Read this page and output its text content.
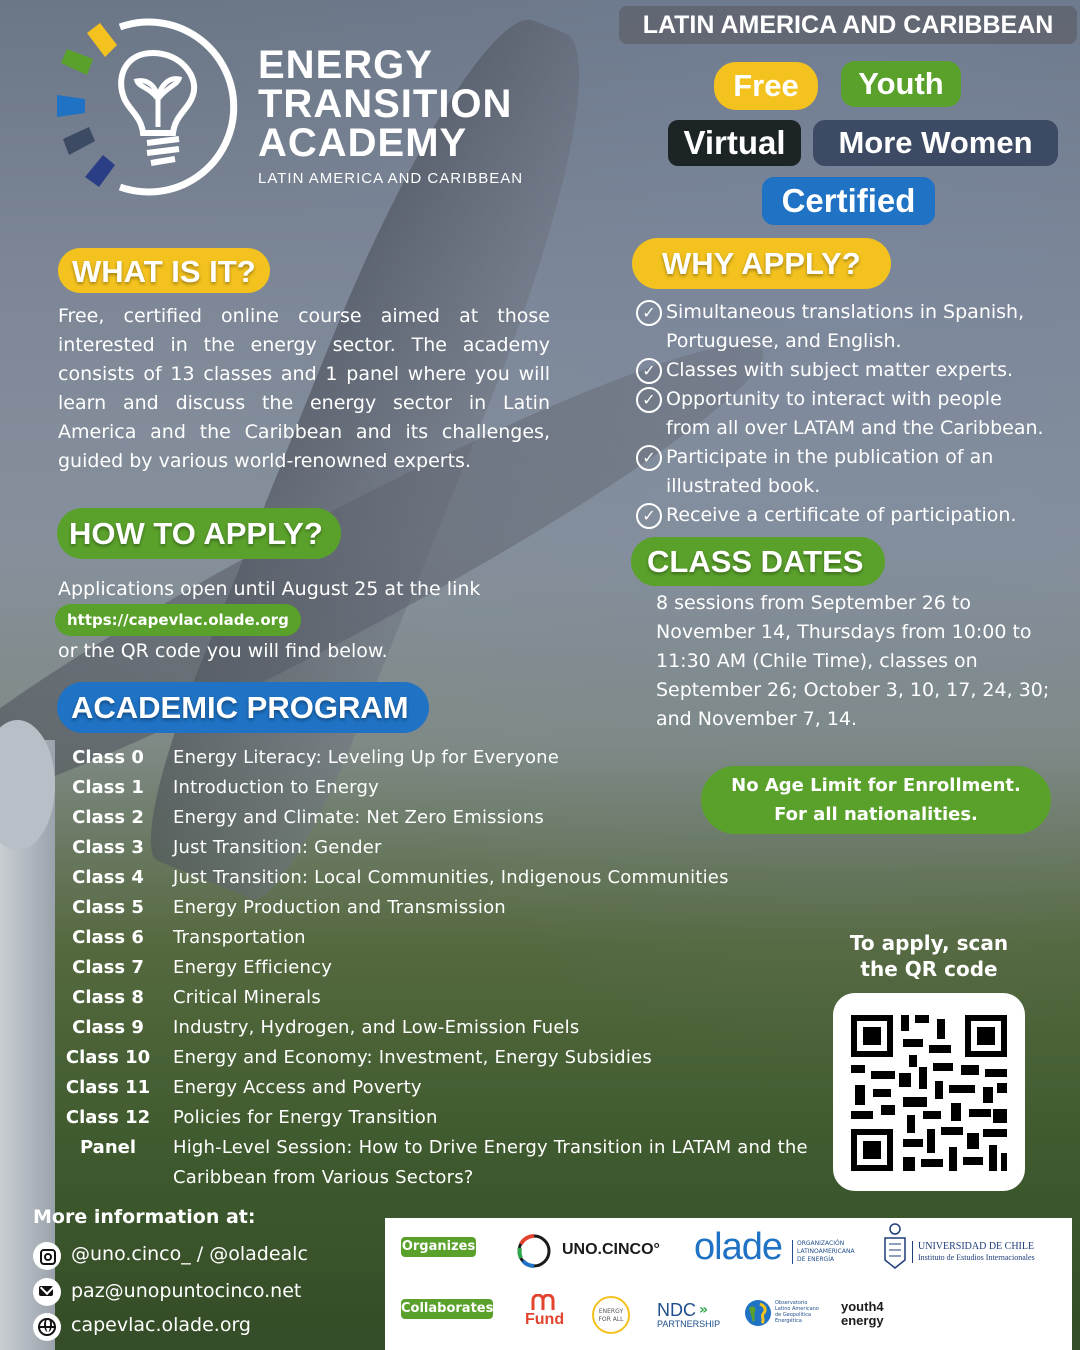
ENERGY
TRANSITION
ACADEMY
LATIN AMERICA AND CARIBBEAN
LATIN AMERICA AND CARIBBEAN
Free	Youth
Virtual	More Women
Certified
WHAT IS IT?
Free, certified online course aimed at those
interested in the energy sector. The academy
consists of 13 classes and 1 panel where you will
learn and discuss the energy sector in Latin
America and the Caribbean and its challenges,
guided by various world-renowned experts.
WHY APPLY?
✓ Simultaneous translations in Spanish,
Portuguese, and English.
✓ Classes with subject matter experts.
✓ Opportunity to interact with people
from all over LATAM and the Caribbean.
✓ Participate in the publication of an
illustrated book.
✓ Receive a certificate of participation.
HOW TO APPLY?
Applications open until August 25 at the link
https://capevlac.olade.org
or the QR code you will find below.
CLASS DATES
8 sessions from September 26 to
November 14, Thursdays from 10:00 to
11:30 AM (Chile Time), classes on
September 26; October 3, 10, 17, 24, 30;
and November 7, 14.
No Age Limit for Enrollment.
For all nationalities.
ACADEMIC PROGRAM
Class 0	Energy Literacy: Leveling Up for Everyone
Class 1	Introduction to Energy
Class 2	Energy and Climate: Net Zero Emissions
Class 3	Just Transition: Gender
Class 4	Just Transition: Local Communities, Indigenous Communities
Class 5	Energy Production and Transmission
Class 6	Transportation
Class 7	Energy Efficiency
Class 8	Critical Minerals
Class 9	Industry, Hydrogen, and Low-Emission Fuels
Class 10 Energy and Economy: Investment, Energy Subsidies
Class 11 Energy Access and Poverty
Class 12 Policies for Energy Transition
Panel	High-Level Session: How to Drive Energy Transition in LATAM and the
Caribbean from Various Sectors?
To apply, scan
the QR code
More information at:
@uno.cinco_ / @oladealc
paz@unopuntocinco.net
capevlac.olade.org
Organizes
Collaborates
UNO.CINCO° olade	ORGANIZACIÓN
LATINOAMERICANA
DE ENERGÍA
UNIVERSIDAD DE CHILE
Instituto de Estudios Internacionales
Fund	ENERGY
FOR ALL NDC »
PARTNERSHIP
Observatorio
Latino Americano
de Geopolítica
Energética
youth4
energy
